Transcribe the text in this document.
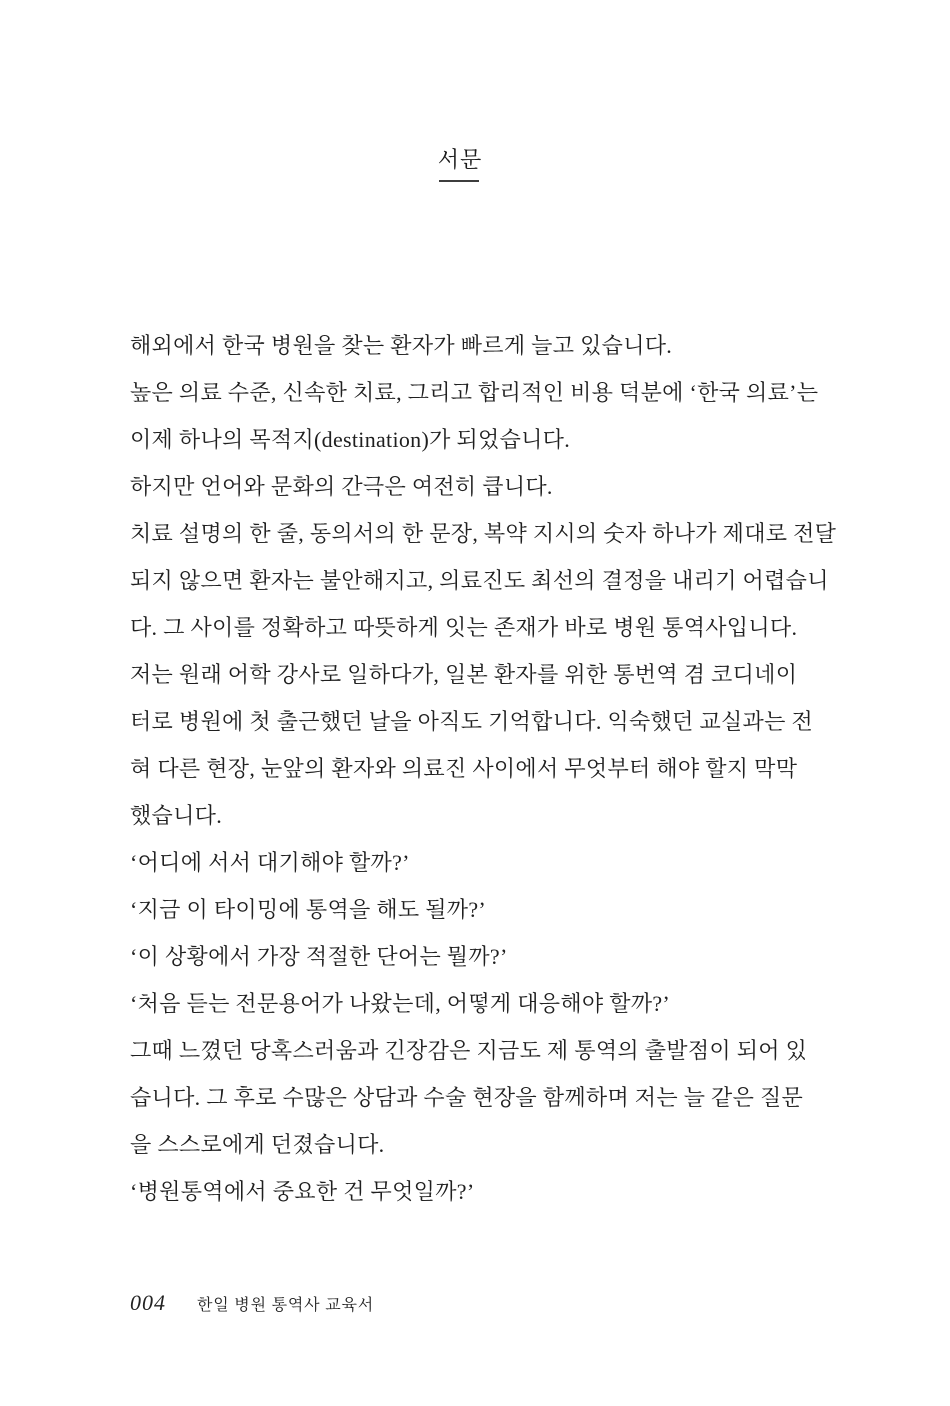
서문

해외에서 한국 병원을 찾는 환자가 빠르게 늘고 있습니다.

높은 의료 수준, 신속한 치료, 그리고 합리적인 비용 덕분에 ‘한국 의료’는

이제 하나의 목적지(destination)가 되었습니다.

하지만 언어와 문화의 간극은 여전히 큽니다.

치료 설명의 한 줄, 동의서의 한 문장, 복약 지시의 숫자 하나가 제대로 전달

되지 않으면 환자는 불안해지고, 의료진도 최선의 결정을 내리기 어렵습니

다. 그 사이를 정확하고 따뜻하게 잇는 존재가 바로 병원 통역사입니다.

저는 원래 어학 강사로 일하다가, 일본 환자를 위한 통번역 겸 코디네이

터로 병원에 첫 출근했던 날을 아직도 기억합니다. 익숙했던 교실과는 전

혀 다른 현장, 눈앞의 환자와 의료진 사이에서 무엇부터 해야 할지 막막

했습니다.

‘어디에 서서 대기해야 할까?’

‘지금 이 타이밍에 통역을 해도 될까?’

‘이 상황에서 가장 적절한 단어는 뭘까?’

‘처음 듣는 전문용어가 나왔는데, 어떻게 대응해야 할까?’

그때 느꼈던 당혹스러움과 긴장감은 지금도 제 통역의 출발점이 되어 있

습니다. 그 후로 수많은 상담과 수술 현장을 함께하며 저는 늘 같은 질문

을 스스로에게 던졌습니다.

‘병원통역에서 중요한 건 무엇일까?’

004 한일 병원 통역사 교육서
